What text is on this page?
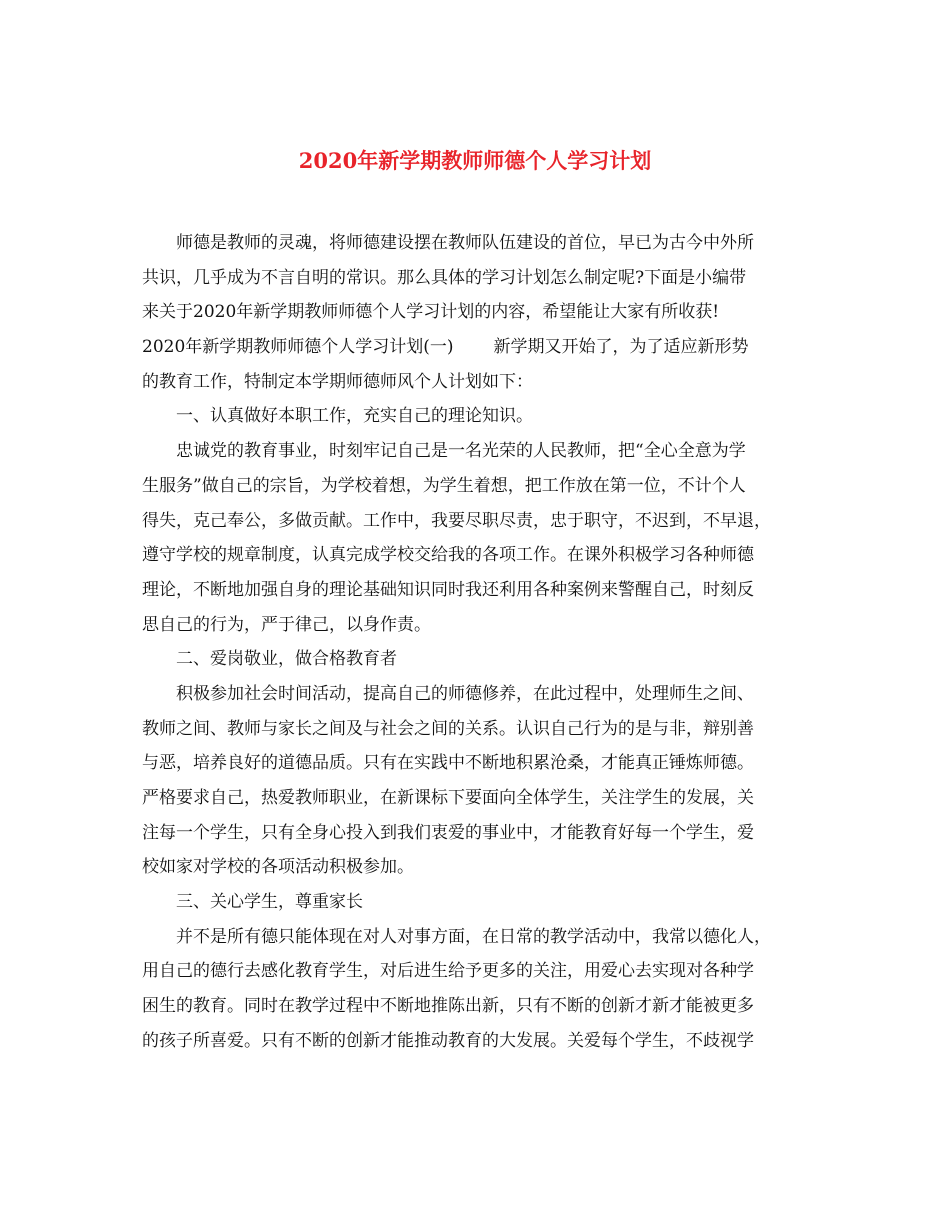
2020年新学期教师师德个人学习计划
师德是教师的灵魂，将师德建设摆在教师队伍建设的首位，早已为古今中外所
共识，几乎成为不言自明的常识。那么具体的学习计划怎么制定呢?下面是小编带
来关于2020年新学期教师师德个人学习计划的内容，希望能让大家有所收获!
2020年新学期教师师德个人学习计划(一) 新学期又开始了，为了适应新形势
的教育工作，特制定本学期师德师风个人计划如下：
一、认真做好本职工作，充实自己的理论知识。
忠诚党的教育事业，时刻牢记自己是一名光荣的人民教师，把“全心全意为学
生服务”做自己的宗旨，为学校着想，为学生着想，把工作放在第一位，不计个人
得失，克己奉公，多做贡献。工作中，我要尽职尽责，忠于职守，不迟到，不早退，
遵守学校的规章制度，认真完成学校交给我的各项工作。在课外积极学习各种师德
理论，不断地加强自身的理论基础知识同时我还利用各种案例来警醒自己，时刻反
思自己的行为，严于律己，以身作责。
二、爱岗敬业，做合格教育者
积极参加社会时间活动，提高自己的师德修养，在此过程中，处理师生之间、
教师之间、教师与家长之间及与社会之间的关系。认识自己行为的是与非，辩别善
与恶，培养良好的道德品质。只有在实践中不断地积累沧桑，才能真正锤炼师德。
严格要求自己，热爱教师职业，在新课标下要面向全体学生，关注学生的发展，关
注每一个学生，只有全身心投入到我们衷爱的事业中，才能教育好每一个学生，爱
校如家对学校的各项活动积极参加。
三、关心学生，尊重家长
并不是所有德只能体现在对人对事方面，在日常的教学活动中，我常以德化人，
用自己的德行去感化教育学生，对后进生给予更多的关注，用爱心去实现对各种学
困生的教育。同时在教学过程中不断地推陈出新，只有不断的创新才新才能被更多
的孩子所喜爱。只有不断的创新才能推动教育的大发展。关爱每个学生，不歧视学
